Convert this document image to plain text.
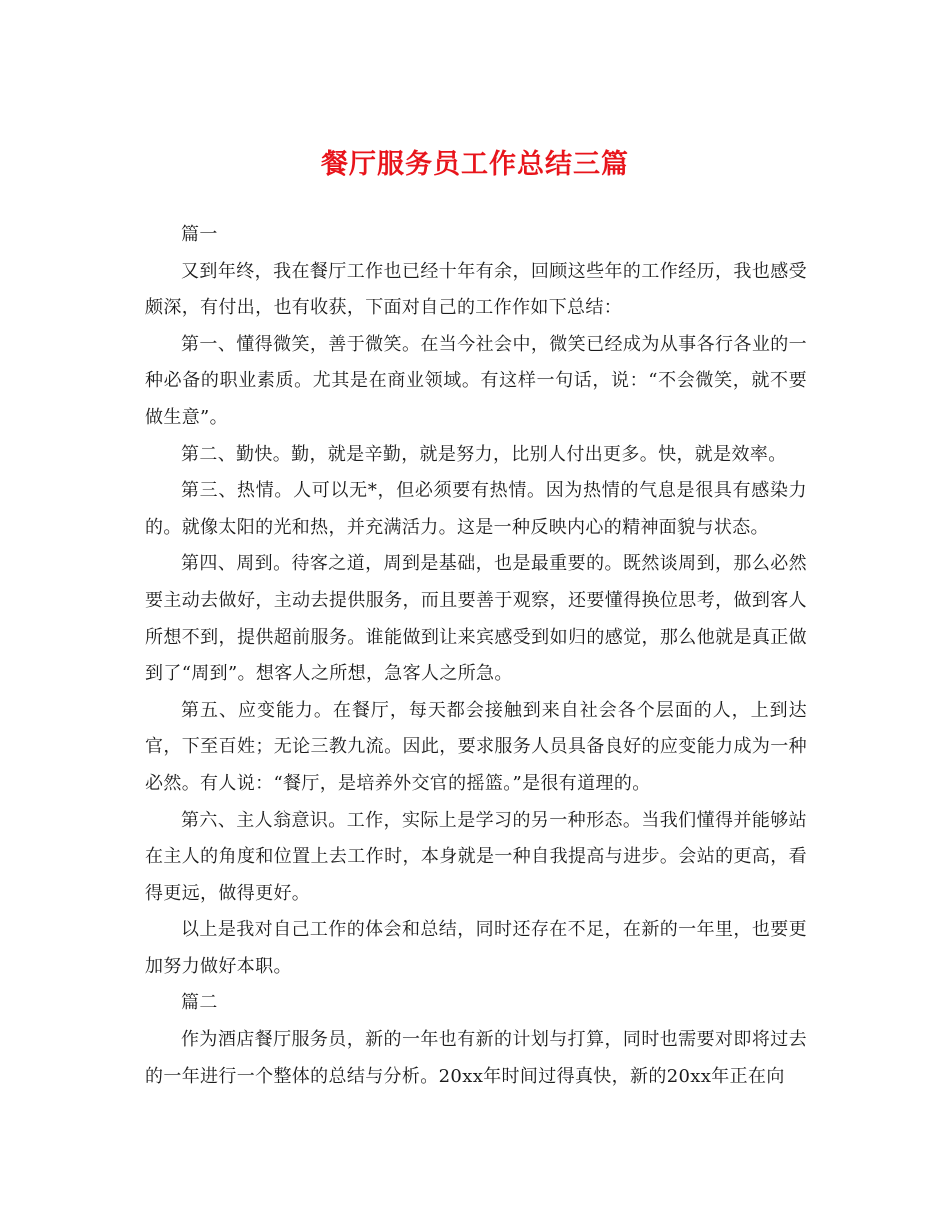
餐厅服务员工作总结三篇

篇一

又到年终，我在餐厅工作也已经十年有余，回顾这些年的工作经历，我也感受颇深，有付出，也有收获，下面对自己的工作作如下总结：

第一、懂得微笑，善于微笑。在当今社会中，微笑已经成为从事各行各业的一种必备的职业素质。尤其是在商业领域。有这样一句话，说：“不会微笑，就不要做生意”。

第二、勤快。勤，就是辛勤，就是努力，比别人付出更多。快，就是效率。

第三、热情。人可以无*，但必须要有热情。因为热情的气息是很具有感染力的。就像太阳的光和热，并充满活力。这是一种反映内心的精神面貌与状态。

第四、周到。待客之道，周到是基础，也是最重要的。既然谈周到，那么必然要主动去做好，主动去提供服务，而且要善于观察，还要懂得换位思考，做到客人所想不到，提供超前服务。谁能做到让来宾感受到如归的感觉，那么他就是真正做到了“周到”。想客人之所想，急客人之所急。

第五、应变能力。在餐厅，每天都会接触到来自社会各个层面的人，上到达官，下至百姓；无论三教九流。因此，要求服务人员具备良好的应变能力成为一种必然。有人说：“餐厅，是培养外交官的摇篮。”是很有道理的。

第六、主人翁意识。工作，实际上是学习的另一种形态。当我们懂得并能够站在主人的角度和位置上去工作时，本身就是一种自我提高与进步。会站的更高，看得更远，做得更好。

以上是我对自己工作的体会和总结，同时还存在不足，在新的一年里，也要更加努力做好本职。

篇二

作为酒店餐厅服务员，新的一年也有新的计划与打算，同时也需要对即将过去的一年进行一个整体的总结与分析。20xx年时间过得真快，新的20xx年正在向
